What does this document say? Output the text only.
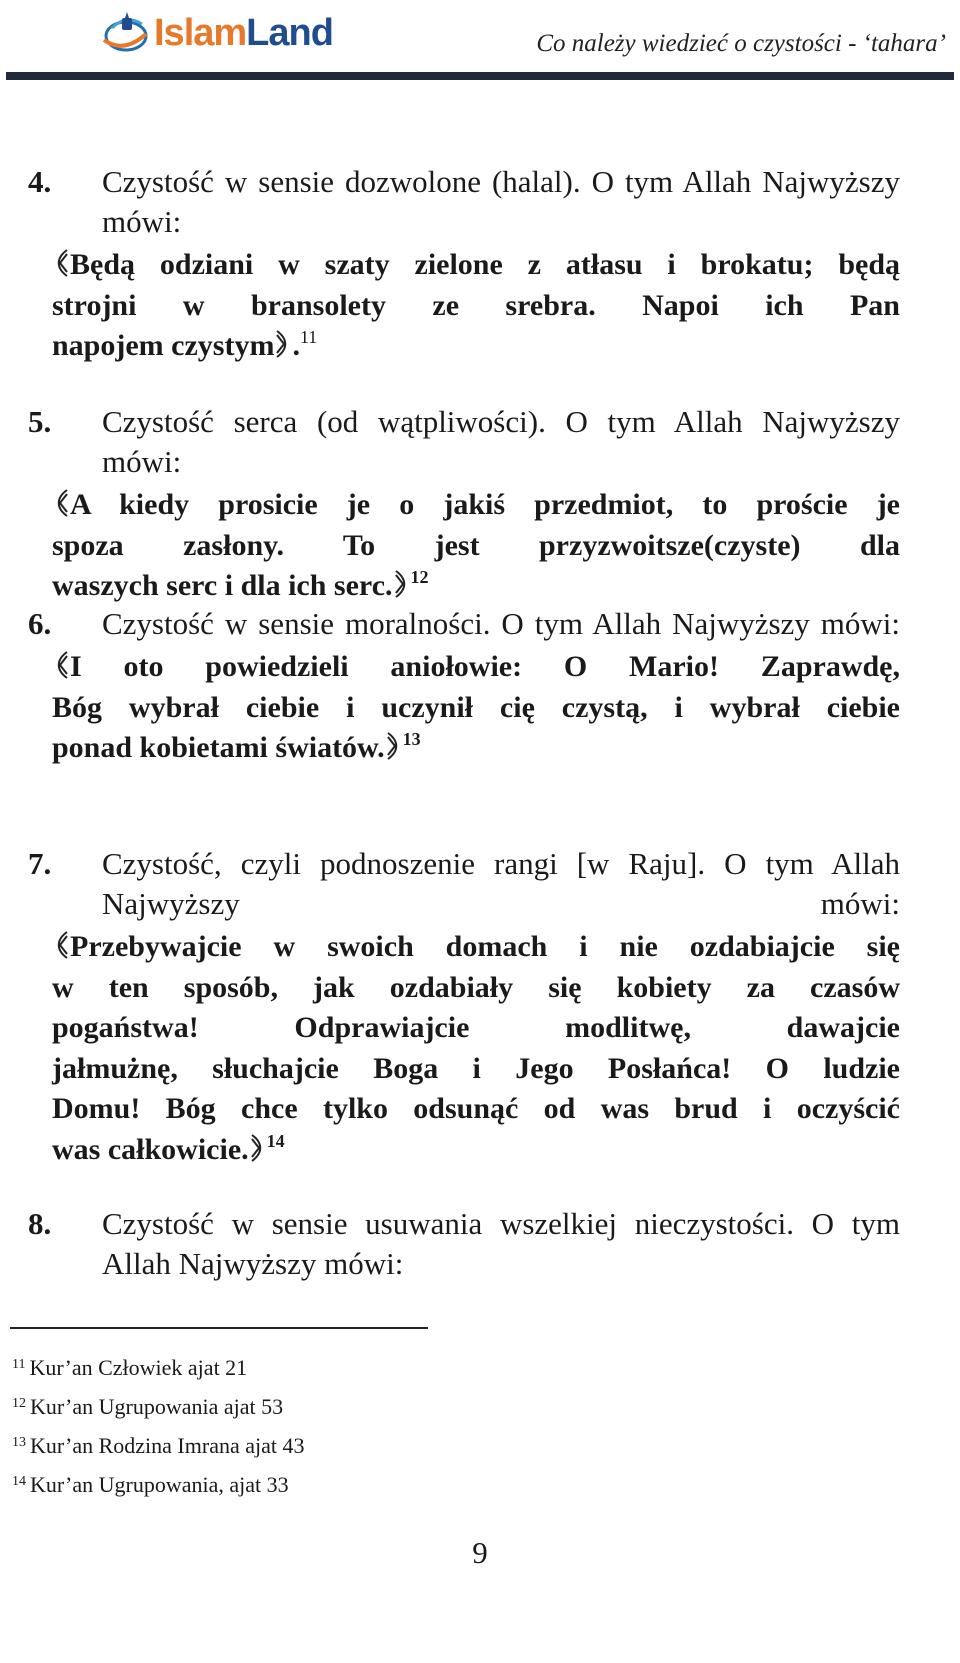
IslamLand	Co należy wiedzieć o czystości - ‘tahara’
4. Czystość w sensie dozwolone (halal). O tym Allah Najwyższy mówi:
Będą odziani w szaty zielone z atłasu i brokatu; będą
strojni w bransolety ze srebra. Napoi ich Pan
napojem czystym .$^{11}$
5. Czystość serca (od wątpliwości). O tym Allah Najwyższy mówi:
A kiedy prosicie je o jakiś przedmiot, to proście je
spoza zasłony. To jest przyzwoitsze(czyste) dla
waszych serc i dla ich serc. $^{12}$
6. Czystość w sensie moralności. O tym Allah Najwyższy mówi:
I oto powiedzieli aniołowie: O Mario! Zaprawdę,
Bóg wybrał ciebie i uczynił cię czystą, i wybrał ciebie
ponad kobietami światów. $^{13}$
7. Czystość, czyli podnoszenie rangi [w Raju]. O tym Allah Najwyższy mówi:
Przebywajcie w swoich domach i nie ozdabiajcie się
w ten sposób, jak ozdabiały się kobiety za czasów
pogaństwa! Odprawiajcie modlitwę, dawajcie
jałmużnę, słuchajcie Boga i Jego Posłańca! O ludzie
Domu! Bóg chce tylko odsunąć od was brud i oczyścić
was całkowicie. $^{14}$
8. Czystość w sensie usuwania wszelkiej nieczystości. O tym Allah Najwyższy mówi:
$^{11}$ Kur’an Człowiek ajat 21
$^{12}$ Kur’an Ugrupowania ajat 53
$^{13}$ Kur’an Rodzina Imrana ajat 43
$^{14}$ Kur’an Ugrupowania, ajat 33
9
